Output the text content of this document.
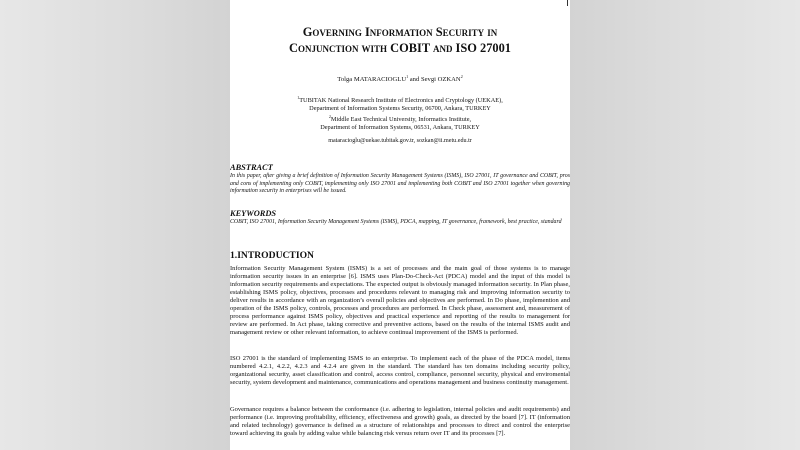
Governing Information Security in
Conjunction with COBIT and ISO 27001
Tolga MATARACIOGLU$^1$ and Sevgi OZKAN$^2$
$^1$TUBITAK National Research Institute of Electronics and Cryptology (UEKAE),
Department of Information Systems Security, 06700, Ankara, TURKEY
$^2$Middle East Technical University, Informatics Institute,
Department of Information Systems, 06531, Ankara, TURKEY
mataracioglu@uekae.tubitak.gov.tr, sozkan@ii.metu.edu.tr
ABSTRACT
In this paper, after giving a brief definition of Information Security Management Systems (ISMS), ISO 27001, IT governance and COBIT, pros and cons of implementing only COBIT, implementing only ISO 27001 and implementing both COBIT and ISO 27001 together when governing information security in enterprises will be issued.
KEYWORDS
COBIT, ISO 27001, Information Security Management Systems (ISMS), PDCA, mapping, IT governance, framework, best practice, standard
1.INTRODUCTION

Information Security Management System (ISMS) is a set of processes and the main goal of those systems is to manage information security issues in an enterprise [6]. ISMS uses Plan-Do-Check-Act (PDCA) model and the input of this model is information security requirements and expectations. The expected output is obviously managed information security. In Plan phase, establishing ISMS policy, objectives, processes and procedures relevant to managing risk and improving information security to deliver results in accordance with an organization’s overall policies and objectives are performed. In Do phase, implemention and operation of the ISMS policy, controls, processes and procedures are performed. In Check phase, assessment and, measurement of process performance against ISMS policy, objectives and practical experience and reporting of the results to management for review are performed. In Act phase, taking corrective and preventive actions, based on the results of the internal ISMS audit and management review or other relevant information, to achieve continual improvement of the ISMS is performed.

ISO 27001 is the standard of implementing ISMS to an enterprise. To implement each of the phase of the PDCA model, items numbered 4.2.1, 4.2.2, 4.2.3 and 4.2.4 are given in the standard. The standard has ten domains including security policy, organizational security, asset classification and control, access control, compliance, personnel security, physical and enviromental security, system development and maintenance, communications and operations management and business continuity management.

Governance requires a balance between the conformance (i.e. adhering to legislation, internal policies and audit requirements) and performance (i.e. improving profitability, efficiency, effectiveness and growth) goals, as directed by the board [7]. IT (information and related technology) governance is defined as a structure of relationships and processes to direct and control the enterprise toward achieving its goals by adding value while balancing risk versus return over IT and its processes [7].
